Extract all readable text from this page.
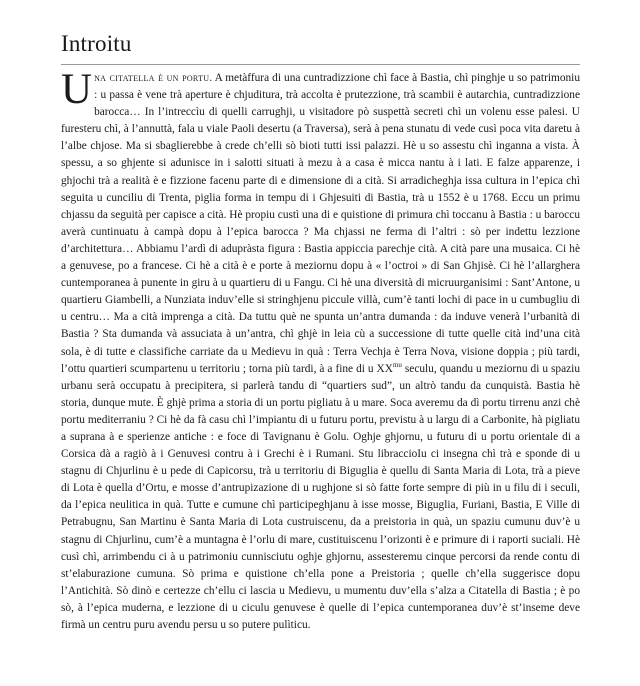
Introitu

Una citatella è un portu. A metàffura di una cuntradizzione chì face à Bastia, chì pinghje u so patrimoniu : u passa è vene trà aperture è chjuditura, trà accolta è prutezzione, trà scambii è autarchia, cuntradizzione barocca… In l’intreccìu di quelli carrughji, u visitadore pò suspettà secreti chì un volenu esse palesi. U furesteru chì, à l’annuttà, fala u viale Paoli desertu (a Traversa), serà à pena stunatu di vede cusì poca vita daretu à l’albe chjose. Ma si sbaglierebbe à crede ch’elli sò bioti tutti issi palazzi. Hè u so assestu chì inganna a vista. À spessu, a so ghjente si adunisce in i salotti situati à mezu à a casa è micca nantu à i lati. E falze apparenze, i ghjochi trà a realità è e fizzione facenu parte di e dimensione di a cità. Si arradicheghja issa cultura in l’epica chì seguita u cunciliu di Trenta, piglia forma in tempu di i Ghjesuiti di Bastia, trà u 1552 è u 1768. Eccu un primu chjassu da seguità per capisce a cità. Hè propiu custì una di e quistione di primura chì toccanu à Bastia : u baroccu averà cuntinuatu à campà dopu à l’epica barocca ? Ma chjassi ne ferma di l’altri : sò per indettu lezzione d’architettura… Abbiamu l’ardì di adupràsta figura : Bastia appiccia parechje cità. A cità pare una musaica. Ci hè a genuvese, po a francese. Ci hè a cità è e porte à meziornu dopu à « l’octroi » di San Ghjisè. Ci hè l’allarghera cuntemporanea à punente in giru à u quartieru di u Fangu. Ci hè una diversità di micruurganisimi : Sant’Antone, u quartieru Giambelli, a Nunziata induv’elle si stringhjenu piccule villà, cum’è tanti lochi di pace in u cumbugliu di u centru… Ma a cità imprenga a cità. Da tuttu què ne spunta un’antra dumanda : da induve venerà l’urbanità di Bastia ? Sta dumanda và assuciata à un’antra, chì ghjè in leia cù a successione di tutte quelle cità ind’una cità sola, è di tutte e classifiche carriate da u Medievu in quà : Terra Vechja è Terra Nova, visione doppia ; più tardi, l’ottu quartieri scumpartenu u territoriu ; torna più tardi, à a fine di u $XX^{mu}$ seculu, quandu u meziornu di u spaziu urbanu serà occupatu à precipitera, si parlerà tandu di “quartiers sud”, un altrò tandu da cunquistà. Bastia hè storia, dunque mute. È ghjè prima a storia di un portu pigliatu à u mare. Soca averemu da dì portu tirrenu anzi chè portu mediterraniu ? Ci hè da fà casu chì l’impiantu di u futuru portu, previstu à u largu di a Carbonite, hà pigliatu a suprana à e sperienze antiche : e foce di Tavignanu è Golu. Oghje ghjornu, u futuru di u portu orientale di a Corsica dà a ragiò à i Genuvesi contru à i Grechi è i Rumani. Stu libraccioIu ci insegna chì trà e sponde di u stagnu di Chjurlinu è u pede di Capicorsu, trà u territoriu di Biguglia è quellu di Santa Maria di Lota, trà a pieve di Lota è quella d’Ortu, e mosse d’antrupizazione di u rughjone si sò fatte forte sempre di più in u filu di i seculi, da l’epica neulitica in quà. Tutte e cumune chì participeghjanu à isse mosse, Biguglia, Furiani, Bastia, E Ville di Petrabugnu, San Martinu è Santa Maria di Lota custruiscenu, da a preistoria in quà, un spaziu cumunu duv’è u stagnu di Chjurlinu, cum’è a muntagna è l’orlu di mare, custituiscenu l’orizonti è e primure di i raporti suciali. Hè cusì chì, arrimbendu ci à u patrimoniu cunnisciutu oghje ghjornu, assesteremu cinque percorsi da rende contu di st’elaburazione cumuna. Sò prima e quistione ch’ella pone a Preistoria ; quelle ch’ella suggerisce dopu l’Antichità. Sò dinò e certezze ch’ellu ci lascia u Medievu, u mumentu duv’ella s’alza a Citatella di Bastia ; è po sò, à l’epica muderna, e lezzione di u ciculu genuvese è quelle di l’epica cuntemporanea duv’è st’inseme deve firmà un centru puru avendu persu u so putere pulìticu.
